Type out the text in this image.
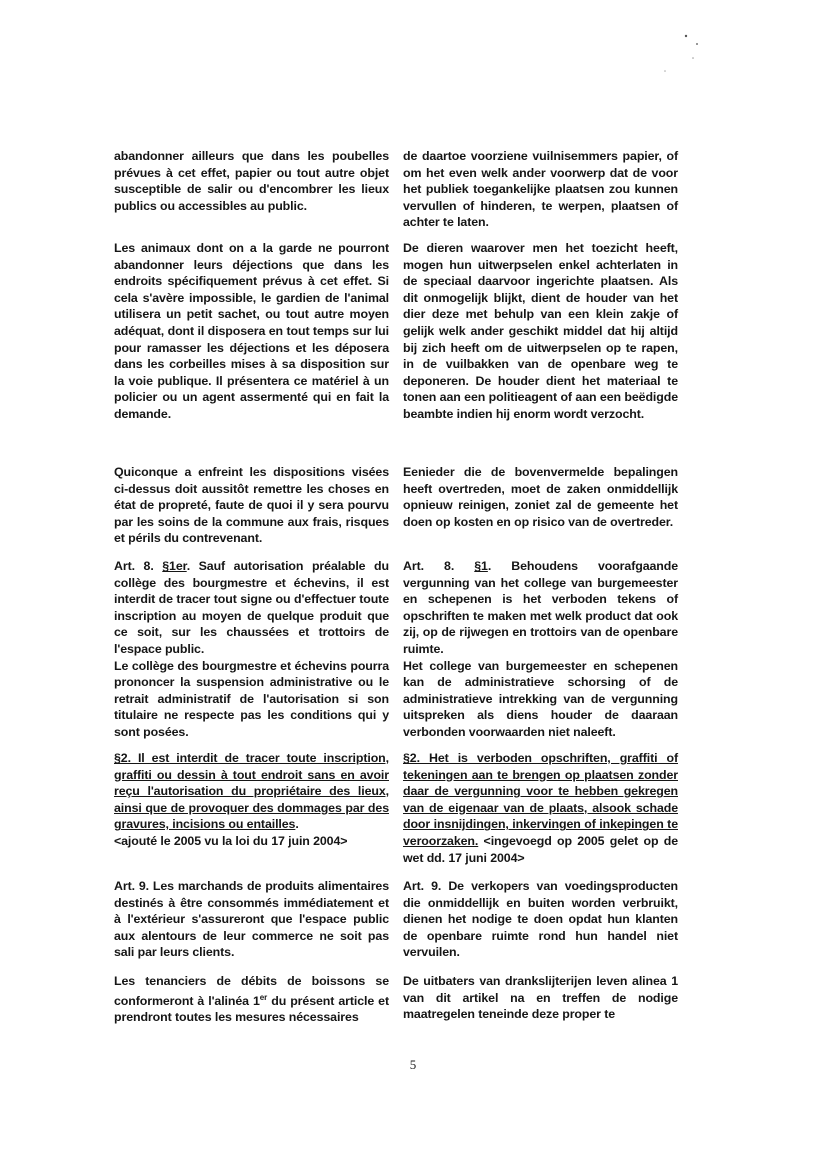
abandonner ailleurs que dans les poubelles prévues à cet effet, papier ou tout autre objet susceptible de salir ou d'encombrer les lieux publics ou accessibles au public.
Les animaux dont on a la garde ne pourront abandonner leurs déjections que dans les endroits spécifiquement prévus à cet effet. Si cela s'avère impossible, le gardien de l'animal utilisera un petit sachet, ou tout autre moyen adéquat, dont il disposera en tout temps sur lui pour ramasser les déjections et les déposera dans les corbeilles mises à sa disposition sur la voie publique. Il présentera ce matériel à un policier ou un agent assermenté qui en fait la demande.
Quiconque a enfreint les dispositions visées ci-dessus doit aussitôt remettre les choses en état de propreté, faute de quoi il y sera pourvu par les soins de la commune aux frais, risques et périls du contrevenant.
Art. 8. §1er. Sauf autorisation préalable du collège des bourgmestre et échevins, il est interdit de tracer tout signe ou d'effectuer toute inscription au moyen de quelque produit que ce soit, sur les chaussées et trottoirs de l'espace public.
Le collège des bourgmestre et échevins pourra prononcer la suspension administrative ou le retrait administratif de l'autorisation si son titulaire ne respecte pas les conditions qui y sont posées.
§2. Il est interdit de tracer toute inscription, graffiti ou dessin à tout endroit sans en avoir reçu l'autorisation du propriétaire des lieux, ainsi que de provoquer des dommages par des gravures, incisions ou entailles.
<ajouté le 2005 vu la loi du 17 juin 2004>
Art. 9. Les marchands de produits alimentaires destinés à être consommés immédiatement et à l'extérieur s'assureront que l'espace public aux alentours de leur commerce ne soit pas sali par leurs clients.
Les tenanciers de débits de boissons se conformeront à l'alinéa 1er du présent article et prendront toutes les mesures nécessaires
de daartoe voorziene vuilnisemmers papier, of om het even welk ander voorwerp dat de voor het publiek toegankelijke plaatsen zou kunnen vervullen of hinderen, te werpen, plaatsen of achter te laten.
De dieren waarover men het toezicht heeft, mogen hun uitwerpselen enkel achterlaten in de speciaal daarvoor ingerichte plaatsen. Als dit onmogelijk blijkt, dient de houder van het dier deze met behulp van een klein zakje of gelijk welk ander geschikt middel dat hij altijd bij zich heeft om de uitwerpselen op te rapen, in de vuilbakken van de openbare weg te deponeren. De houder dient het materiaal te tonen aan een politieagent of aan een beëdigde beambte indien hij enorm wordt verzocht.
Eenieder die de bovenvermelde bepalingen heeft overtreden, moet de zaken onmiddellijk opnieuw reinigen, zoniet zal de gemeente het doen op kosten en op risico van de overtreder.
Art. 8. §1. Behoudens voorafgaande vergunning van het college van burgemeester en schepenen is het verboden tekens of opschriften te maken met welk product dat ook zij, op de rijwegen en trottoirs van de openbare ruimte.
Het college van burgemeester en schepenen kan de administratieve schorsing of de administratieve intrekking van de vergunning uitspreken als diens houder de daaraan verbonden voorwaarden niet naleeft.
§2. Het is verboden opschriften, graffiti of tekeningen aan te brengen op plaatsen zonder daar de vergunning voor te hebben gekregen van de eigenaar van de plaats, alsook schade door insnijdingen, inkervingen of inkepingen te veroorzaken. <ingevoegd op 2005 gelet op de wet dd. 17 juni 2004>
Art. 9. De verkopers van voedingsproducten die onmiddellijk en buiten worden verbruikt, dienen het nodige te doen opdat hun klanten de openbare ruimte rond hun handel niet vervuilen.
De uitbaters van drankslijterijen leven alinea 1 van dit artikel na en treffen de nodige maatregelen teneinde deze proper te
5
